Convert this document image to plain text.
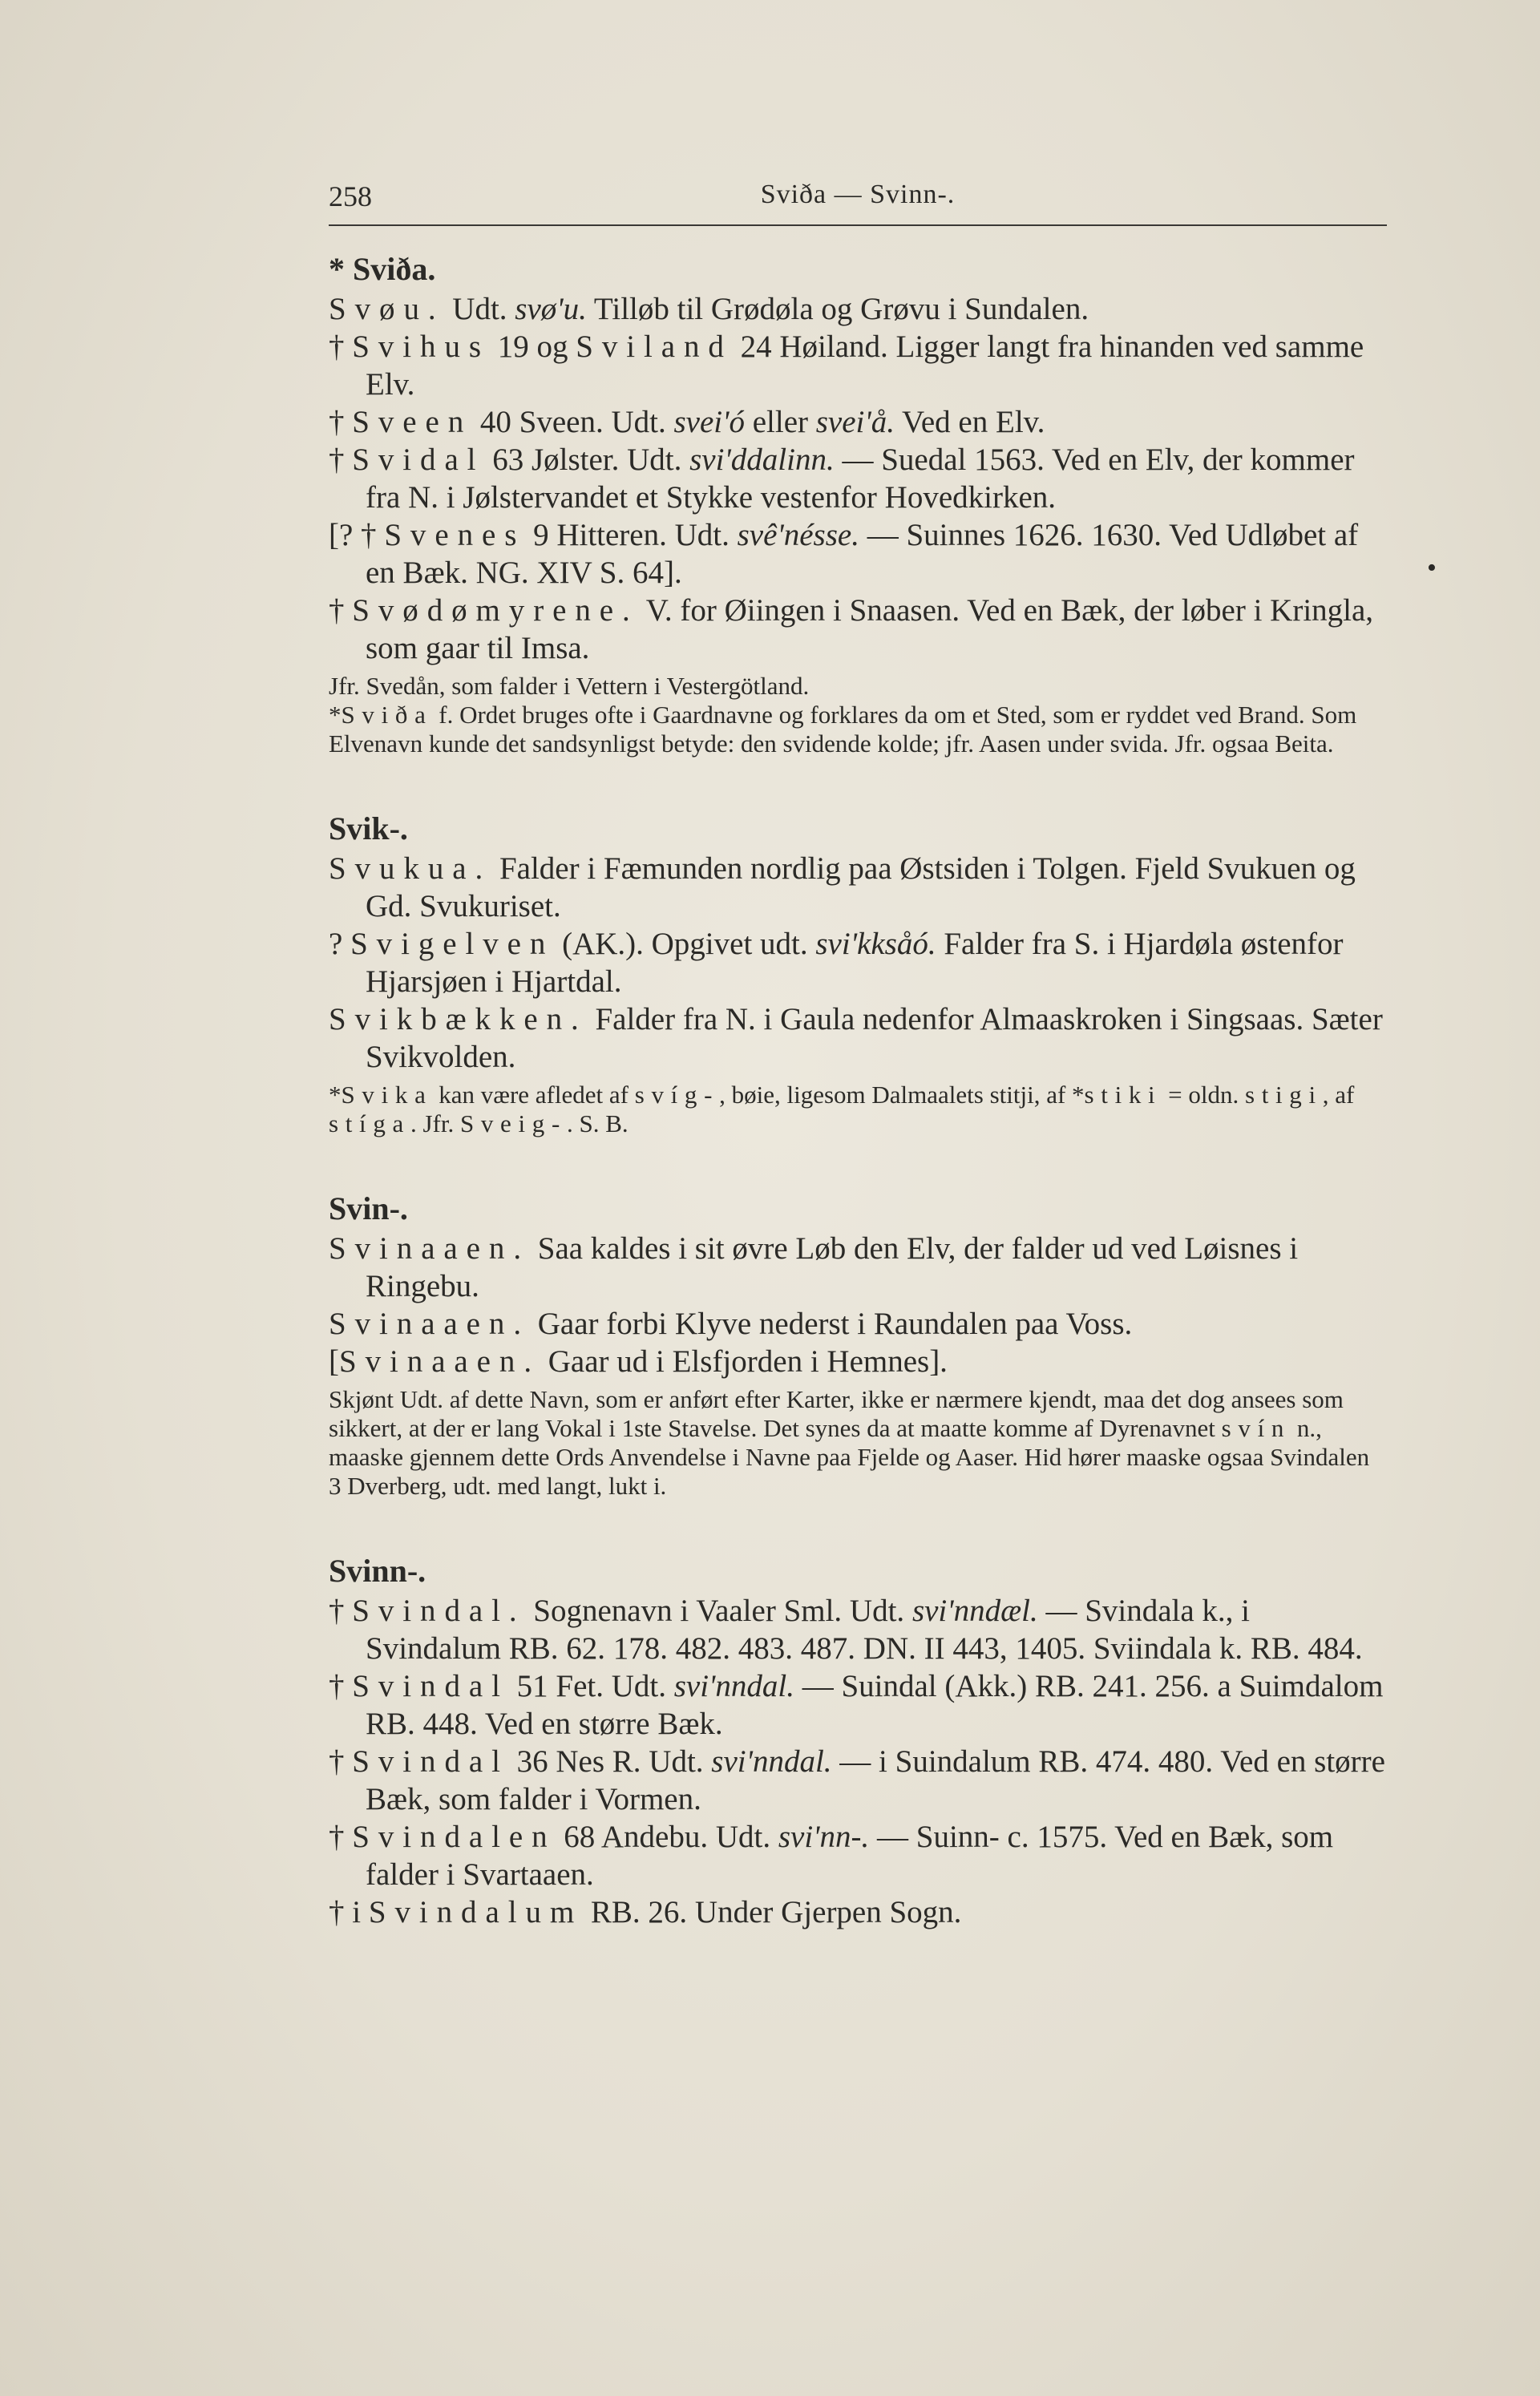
258	Sviða — Svinn-.
•

* Sviða.

Svøu. Udt. svø'u. Tilløb til Grødøla og Grøvu i Sundalen.

† Svihus 19 og Sviland 24 Høiland. Ligger langt fra hinanden ved samme Elv.

† Sveen 40 Sveen. Udt. svei'ó eller svei'å. Ved en Elv.

† Svidal 63 Jølster. Udt. svi'ddalinn. — Suedal 1563. Ved en Elv, der kommer fra N. i Jølstervandet et Stykke vestenfor Hovedkirken.

[? † Svenes 9 Hitteren. Udt. svê'nésse. — Suinnes 1626. 1630. Ved Udløbet af en Bæk. NG. XIV S. 64].

† Svødømyrene. V. for Øiingen i Snaasen. Ved en Bæk, der løber i Kringla, som gaar til Imsa.

Jfr. Svedån, som falder i Vettern i Vestergötland.
*Sviða f. Ordet bruges ofte i Gaardnavne og forklares da om et Sted, som er ryddet ved Brand. Som Elvenavn kunde det sandsynligst betyde: den svidende kolde; jfr. Aasen under svida. Jfr. ogsaa Beita.

Svik-.

Svukua. Falder i Fæmunden nordlig paa Østsiden i Tolgen. Fjeld Svukuen og Gd. Svukuriset.

? Svigelven (AK.). Opgivet udt. svi'kksåó. Falder fra S. i Hjardøla østenfor Hjarsjøen i Hjartdal.

Svikbækken. Falder fra N. i Gaula nedenfor Almaaskroken i Singsaas. Sæter Svikvolden.

*Svika kan være afledet af svíg-, bøie, ligesom Dalmaalets stitji, af *stiki = oldn. stigi, af stíga. Jfr. Sveig-. S. B.

Svin-.

Svinaaen. Saa kaldes i sit øvre Løb den Elv, der falder ud ved Løisnes i Ringebu.

Svinaaen. Gaar forbi Klyve nederst i Raundalen paa Voss.

[Svinaaen. Gaar ud i Elsfjorden i Hemnes].

Skjønt Udt. af dette Navn, som er anført efter Karter, ikke er nærmere kjendt, maa det dog ansees som sikkert, at der er lang Vokal i 1ste Stavelse. Det synes da at maatte komme af Dyrenavnet svín n., maaske gjennem dette Ords Anvendelse i Navne paa Fjelde og Aaser. Hid hører maaske ogsaa Svindalen 3 Dverberg, udt. med langt, lukt i.

Svinn-.

† Svindal. Sognenavn i Vaaler Sml. Udt. svi'nndæl. — Svindala k., i Svindalum RB. 62. 178. 482. 483. 487. DN. II 443, 1405. Sviindala k. RB. 484.

† Svindal 51 Fet. Udt. svi'nndal. — Suindal (Akk.) RB. 241. 256. a Suimdalom RB. 448. Ved en større Bæk.

† Svindal 36 Nes R. Udt. svi'nndal. — i Suindalum RB. 474. 480. Ved en større Bæk, som falder i Vormen.

† Svindalen 68 Andebu. Udt. svi'nn-. — Suinn- c. 1575. Ved en Bæk, som falder i Svartaaen.

† i Svindalum RB. 26. Under Gjerpen Sogn.
